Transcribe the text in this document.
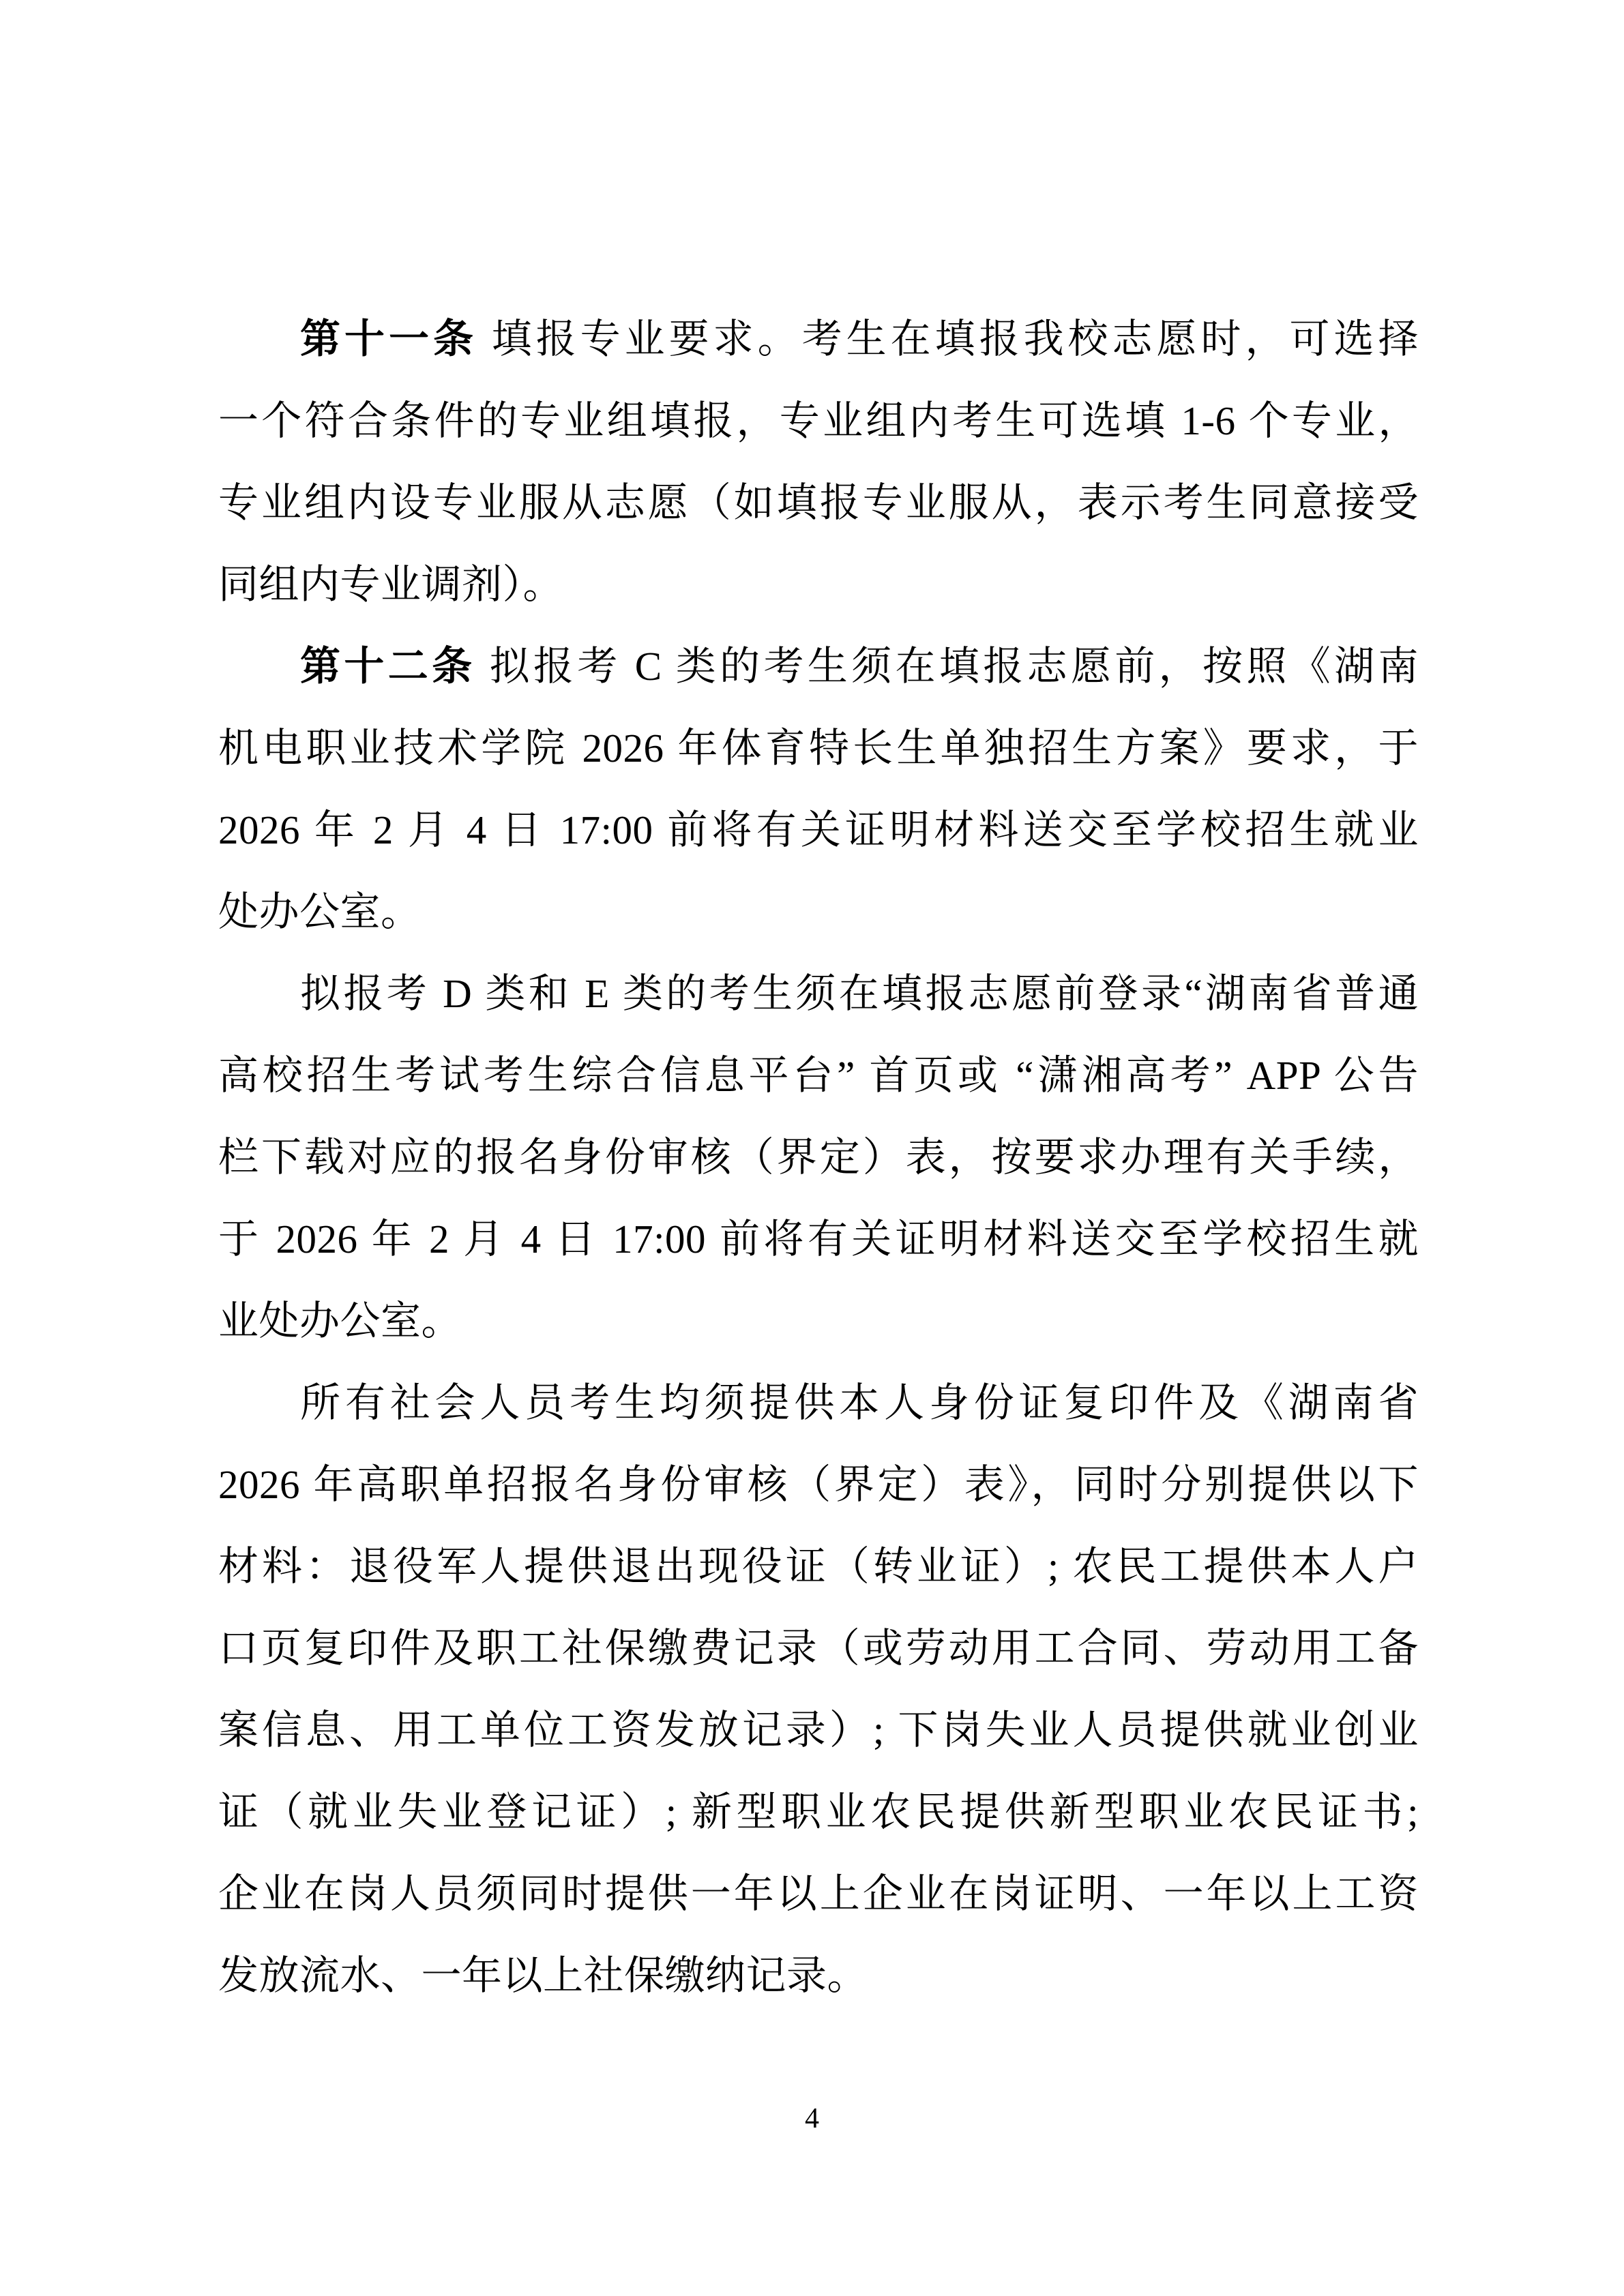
第十一条 填报专业要求。考生在填报我校志愿时，可选择
一个符合条件的专业组填报，专业组内考生可选填 1-6 个专业，
专业组内设专业服从志愿（如填报专业服从，表示考生同意接受
同组内专业调剂）。
第十二条 拟报考 C 类的考生须在填报志愿前，按照《湖南
机电职业技术学院 2026 年体育特长生单独招生方案》要求，于
2026 年 2 月 4 日 17:00 前将有关证明材料送交至学校招生就业
处办公室。
拟报考 D 类和 E 类的考生须在填报志愿前登录“湖南省普通
高校招生考试考生综合信息平台” 首页或 “潇湘高考” APP 公告
栏下载对应的报名身份审核（界定）表，按要求办理有关手续，
于 2026 年 2 月 4 日 17:00 前将有关证明材料送交至学校招生就
业处办公室。
所有社会人员考生均须提供本人身份证复印件及《湖南省
2026 年高职单招报名身份审核（界定）表》，同时分别提供以下
材料：退役军人提供退出现役证（转业证）; 农民工提供本人户
口页复印件及职工社保缴费记录（或劳动用工合同、劳动用工备
案信息、用工单位工资发放记录）; 下岗失业人员提供就业创业
证（就业失业登记证）; 新型职业农民提供新型职业农民证书;
企业在岗人员须同时提供一年以上企业在岗证明、一年以上工资
发放流水、一年以上社保缴纳记录。
4
